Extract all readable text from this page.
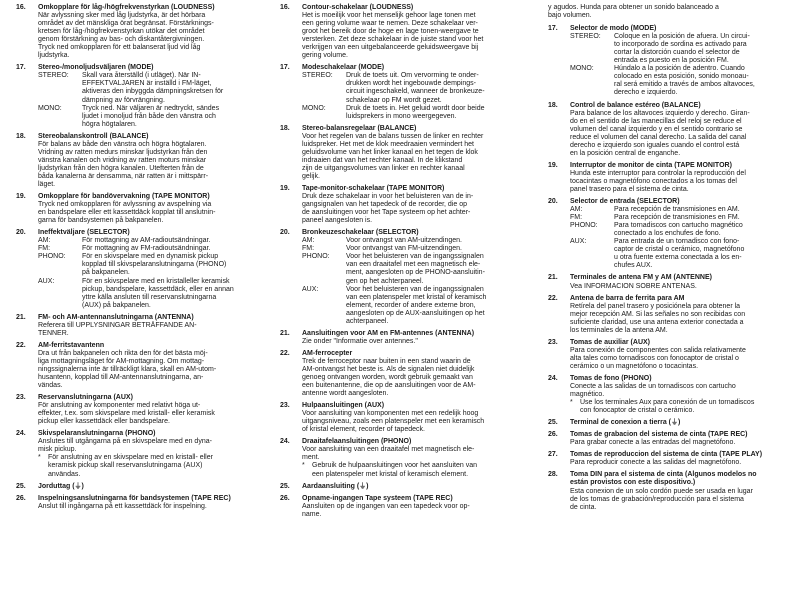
16.	Omkopplare för låg-/högfrekvenstyrkan (LOUDNESS)
När avlyssning sker med låg ljudstyrka, är det hörbara
området av det mänskliga örat begränsat. Förstärknings-
kretsen för låg-/högfrekvenstyrkan utökar det området
genom förstärkning av bas- och diskantåtergivningen.
Tryck ned omkopplaren för ett balanserat ljud vid låg
ljudstyrka.
17.	Stereo-/monoljudsväljaren (MODE)
STEREO:	Skall vara återställd (i utläget). När IN-
EFFEKTVALJAREN är inställd i FM-läget,
aktiveras den inbyggda dämpningskretsen för
dämpning av förvrängning.
MONO:	Tryck ned. När väljaren är nedtryckt, sändes
ljudet i monoljud från både den vänstra och
högra högtalaren.
18.	Stereobalanskontroll (BALANCE)
För balans av både den vänstra och högra högtalaren.
Vridning av ratten medurs minskar ljudstyrkan från den
vänstra kanalen och vridning av ratten moturs minskar
ljudstyrkan från den högra kanalen. Utefterten från de
båda kanalerna är densamma, när ratten är i mittspärr-
läget.
19.	Omkopplare för bandövervakning (TAPE MONITOR)
Tryck ned omkopplaren för avlyssning av avspelning via
en bandspelare eller ett kassettdäck kopplat till anslutnin-
garna för bandsystemen på bakpanelen.
20.	Ineffektväljare (SELECTOR)
AM:	För mottagning av AM-radioutsändningar.
FM:	För mottagning av FM-radioutsändningar.
PHONO:	För en skivspelare med en dynamisk pickup
kopplad till skivspelaranslutningarna (PHONO)
på bakpanelen.
AUX:	För en skivspelare med en kristalleller keramisk
pickup, bandspelare, kassettdäck, eller en annan
yttre källa ansluten till reservanslutningarna
(AUX) på bakpanelen.
21.	FM- och AM-antennanslutningarna (ANTENNA)
Referera till UPPLYSNINGAR BETRÄFFANDE AN-
TENNER.
22.	AM-ferritstavantenn
Dra ut från bakpanelen och rikta den för det bästa möj-
liga mottagningsläget för AM-mottagning. Om mottag-
ningssignalerna inte är tillräckligt klara, skall en AM-utom-
husantenn, kopplad till AM-antennanslutningarna, an-
vändas.
23.	Reservanslutningarna (AUX)
För anslutning av komponenter med relativt höga ut-
effekter, t.ex. som skivspelare med kristall- eller keramisk
pickup eller kassettdäck eller bandspelare.
24.	Skivspelaranslutningarna (PHONO)
Anslutes till utgångarna på en skivspelare med en dyna-
misk pickup.
*	För anslutning av en skivspelare med en kristall- eller
keramisk pickup skall reservanslutningarna (AUX)
användas.
25.	Jorduttag (⏚)
26.	Inspelningsanslutningarna för bandsystemen (TAPE REC)
Anslut till ingångarna på ett kassettdäck för inspelning.
16.	Contour-schakelaar (LOUDNESS)
Het is moeilijk voor het menselijk gehoor lage tonen met
een gering volume waar te nemen. Deze schakelaar ver-
groot het bereik door de hoge en lage tonen-weergave te
versterken. Zet deze schakelaar in de juiste stand voor het
verkrijgen van een uitgebalanceerde geluidsweergave bij
gering volume.
17.	Modeschakelaar (MODE)
STEREO:	Druk de toets uit. Om vervorming te onder-
drukken wordt het ingebouwde dempings-
circuit ingeschakeld, wanneer de bronkeuze-
schakelaar op FM wordt gezet.
MONO:	Druk de toets in. Het geluid wordt door beide
luidsprekers in mono weergegeven.
18.	Stereo-balansregelaar (BALANCE)
Voor het regelen van de balans tussen de linker en rechter
luidspreker. Het met de klok meedraaien vermindert het
geluidsvolume van het linker kanaal en het tegen de klok
indraaien dat van het rechter kanaal. In de klikstand
zijn de uitgangsvolumes van linker en rechter kanaal
gelijk.
19.	Tape-monitor-schakelaar (TAPE MONITOR)
Druk deze schakelaar in voor het beluisteren van de in-
gangsignalen van het tapedeck of de recorder, die op
de aansluitingen voor het Tape systeem op het achter-
paneel aangesloten is.
20.	Bronkeuzeschakelaar (SELECTOR)
AM:	Voor ontvangst van AM-uitzendingen.
FM:	Voor ontvangst van FM-uitzendingen.
PHONO:	Voor het beluisteren van de ingangssignalen
van een draaitafel met een magnetisch ele-
ment, aangesloten op de PHONO-aansluitin-
gen op het achterpaneel.
AUX:	Voor het beluisteren van de ingangssignalen
van een platenspeler met kristal of keramisch
element, recorder of andere externe bron,
aangesloten op de AUX-aansluitingen op het
achterpaneel.
21.	Aansluitingen voor AM en FM-antennes (ANTENNA)
Zie onder "Informatie over antennes."
22.	AM-ferrocepter
Trek de ferroceptor naar buiten in een stand waarin de
AM-ontvangst het beste is. Als de signalen niet duidelijk
genoeg ontvangen worden, wordt gebruik gemaakt van
een buitenantenne, die op de aansluitingen voor de AM-
antenne wordt aangesloten.
23.	Hulpaansluitingen (AUX)
Voor aansluiting van komponenten met een redelijk hoog
uitgangsniveau, zoals een platenspeler met een keramisch
of kristal element, recorder of tapedeck.
24.	Draaitafelaansluitingen (PHONO)
Voor aansluiting van een draaitafel met magnetisch ele-
ment.
*	Gebruik de hulpaansluitingen voor het aansluiten van
een platenspeler met kristal of keramisch element.
25.	Aardaansluiting (⏚)
26.	Opname-ingangen Tape systeem (TAPE REC)
Aansluiten op de ingangen van een tapedeck voor op-
name.
y agudos. Hunda para obtener un sonido balanceado a
bajo volumen.
17.	Selector de modo (MODE)
STEREO:	Coloque en la posición de afuera. Un circui-
to incorporado de sordina es activado para
cortar la distorción cuando el selector de
entrada es puesto en la posición FM.
MONO:	Húndalo a la posición de adentro. Cuando
colocado en esta posición, sonido monoau-
ral será emitido a través de ambos altavoces,
derecho e izquierdo.
18.	Control de balance estéreo (BALANCE)
Para balance de los altavoces izquierdo y derecho. Giran-
do en el sentido de las manecillas del reloj se reduce el
volumen del canal izquierdo y en el sentido contrario se
reduce el volumen del canal derecho. La salida del canal
derecho e izquierdo son iguales cuando el control está
en la posición central de enganche.
19.	Interruptor de monitor de cinta (TAPE MONITOR)
Hunda este interruptor para controlar la reproducción del
tocacintas o magnetófono conectados a los tomas del
panel trasero para el sistema de cinta.
20.	Selector de entrada (SELECTOR)
AM:	Para recepción de transmisiones en AM.
FM:	Para recepción de transmisiones en FM.
PHONO:	Para tornadiscos con cartucho magnético
conectado a los enchufes de fono.
AUX:	Para entrada de un tornadisco con fono-
captor de cristal o cerámico, magnetófono
u otra fuente externa conectada a los en-
chufes AUX.
21.	Terminales de antena FM y AM (ANTENNE)
Vea INFORMACION SOBRE ANTENAS.
22.	Antena de barra de ferrita para AM
Retírela del panel trasero y posiciónela para obtener la
mejor recepción AM. Si las señales no son recibidas con
suficiente claridad, use una antena exterior conectada a
los terminales de la antena AM.
23.	Tomas de auxiliar (AUX)
Para conexión de componentes con salida relativamente
alta tales como tornadiscos con fonocaptor de cristal o
cerámico o un magnetófono o tocacintas.
24.	Tomas de fono (PHONO)
Conecte a las salidas de un tornadiscos con cartucho
magnético.
*	Use los terminales Aux para conexión de un tornadiscos
con fonocaptor de cristal o cerámico.
25.	Terminal de conexion a tierra (⏚)
26.	Tomas de grabacion del sistema de cinta (TAPE REC)
Para grabar conecte a las entradas del magnetófono.
27.	Tomas de reproduccion del sistema de cinta (TAPE PLAY)
Para reproducir conecte a las salidas del magnetófono.
28.	Toma DIN para el sistema de cinta (Algunos modelos no
están provistos con este dispositivo.)
Esta conexion de un solo cordón puede ser usada en lugar
de los tomas de grabación/reproducción para el sistema
de cinta.
